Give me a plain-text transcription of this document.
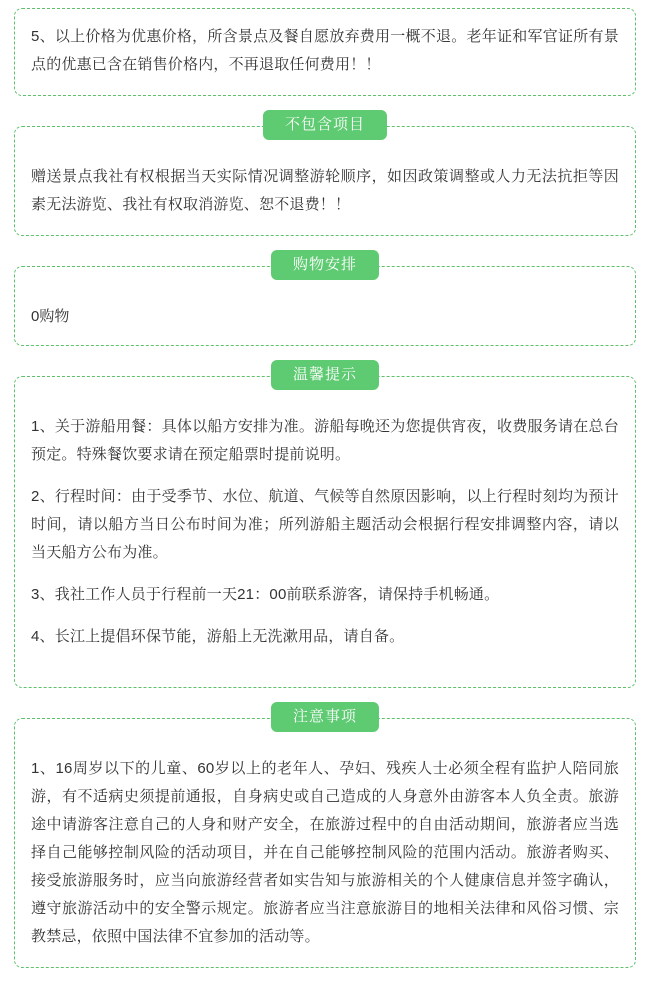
5、以上价格为优惠价格，所含景点及餐自愿放弃费用一概不退。老年证和军官证所有景点的优惠已含在销售价格内，不再退取任何费用！！

不包含项目

赠送景点我社有权根据当天实际情况调整游轮顺序，如因政策调整或人力无法抗拒等因素无法游览、我社有权取消游览、恕不退费！！

购物安排
0购物
温馨提示

1、关于游船用餐：具体以船方安排为准。游船每晚还为您提供宵夜，收费服务请在总台预定。特殊餐饮要求请在预定船票时提前说明。

2、行程时间：由于受季节、水位、航道、气候等自然原因影响，以上行程时刻均为预计时间，请以船方当日公布时间为准；所列游船主题活动会根据行程安排调整内容，请以当天船方公布为准。

3、我社工作人员于行程前一天21：00前联系游客，请保持手机畅通。

4、长江上提倡环保节能，游船上无洗漱用品，请自备。

注意事项

1、16周岁以下的儿童、60岁以上的老年人、孕妇、残疾人士必须全程有监护人陪同旅游，有不适病史须提前通报，自身病史或自己造成的人身意外由游客本人负全责。旅游途中请游客注意自己的人身和财产安全，在旅游过程中的自由活动期间，旅游者应当选择自己能够控制风险的活动项目，并在自己能够控制风险的范围内活动。旅游者购买、接受旅游服务时，应当向旅游经营者如实告知与旅游相关的个人健康信息并签字确认，遵守旅游活动中的安全警示规定。旅游者应当注意旅游目的地相关法律和风俗习惯、宗教禁忌，依照中国法律不宜参加的活动等。
